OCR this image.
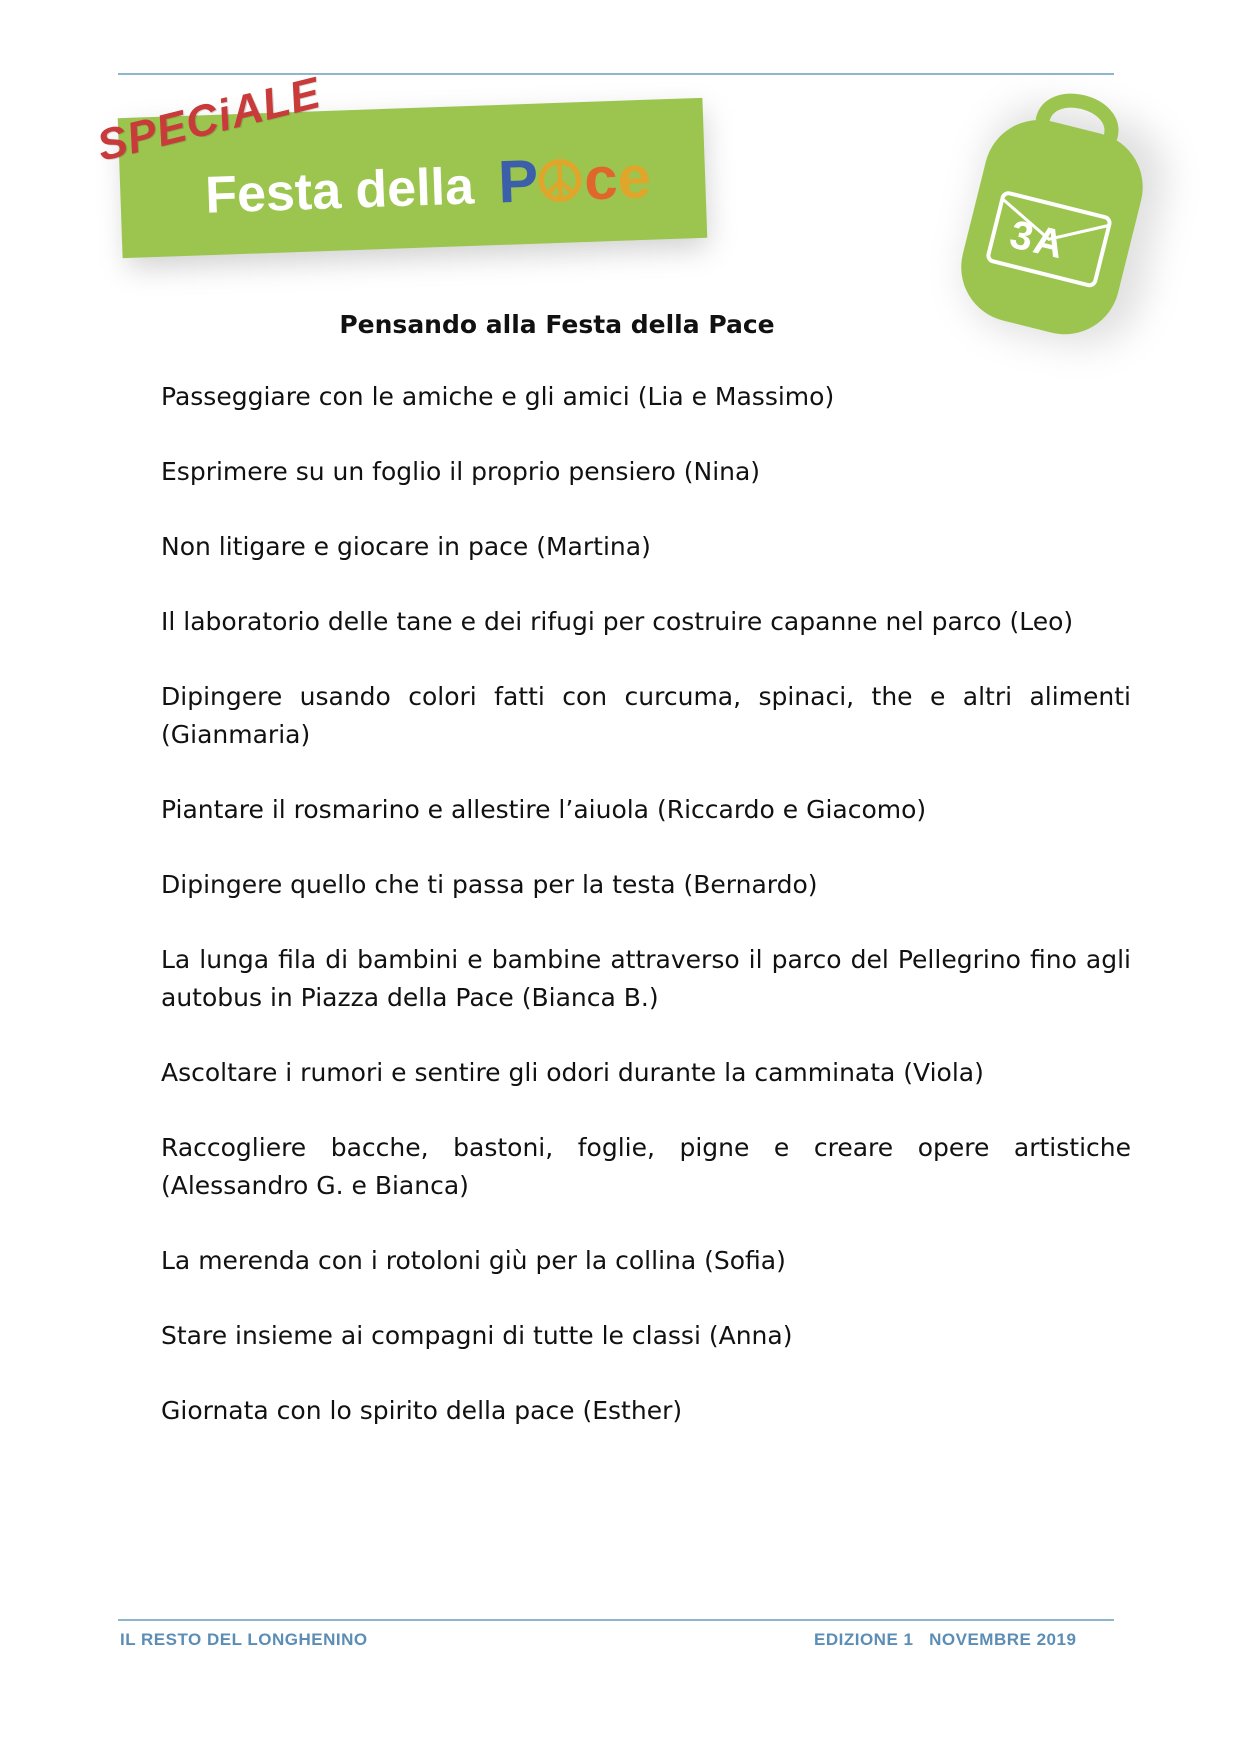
SPECiALE
Festa della P c
e
3A
Pensando alla Festa della Pace

Passeggiare con le amiche e gli amici (Lia e Massimo)

Esprimere su un foglio il proprio pensiero (Nina)

Non litigare e giocare in pace (Martina)

Il laboratorio delle tane e dei rifugi per costruire capanne nel parco (Leo)

Dipingere usando colori fatti con curcuma, spinaci, the e altri alimenti (Gianmaria)

Piantare il rosmarino e allestire l’aiuola (Riccardo e Giacomo)

Dipingere quello che ti passa per la testa (Bernardo)

La lunga fila di bambini e bambine attraverso il parco del Pellegrino fino agli autobus in Piazza della Pace (Bianca B.)

Ascoltare i rumori e sentire gli odori durante la camminata (Viola)

Raccogliere bacche, bastoni, foglie, pigne e creare opere artistiche (Alessandro G. e Bianca)

La merenda con i rotoloni giù per la collina (Sofia)

Stare insieme ai compagni di tutte le classi (Anna)

Giornata con lo spirito della pace (Esther)

IL RESTO DEL LONGHENINO	EDIZIONE 1   NOVEMBRE 2019
